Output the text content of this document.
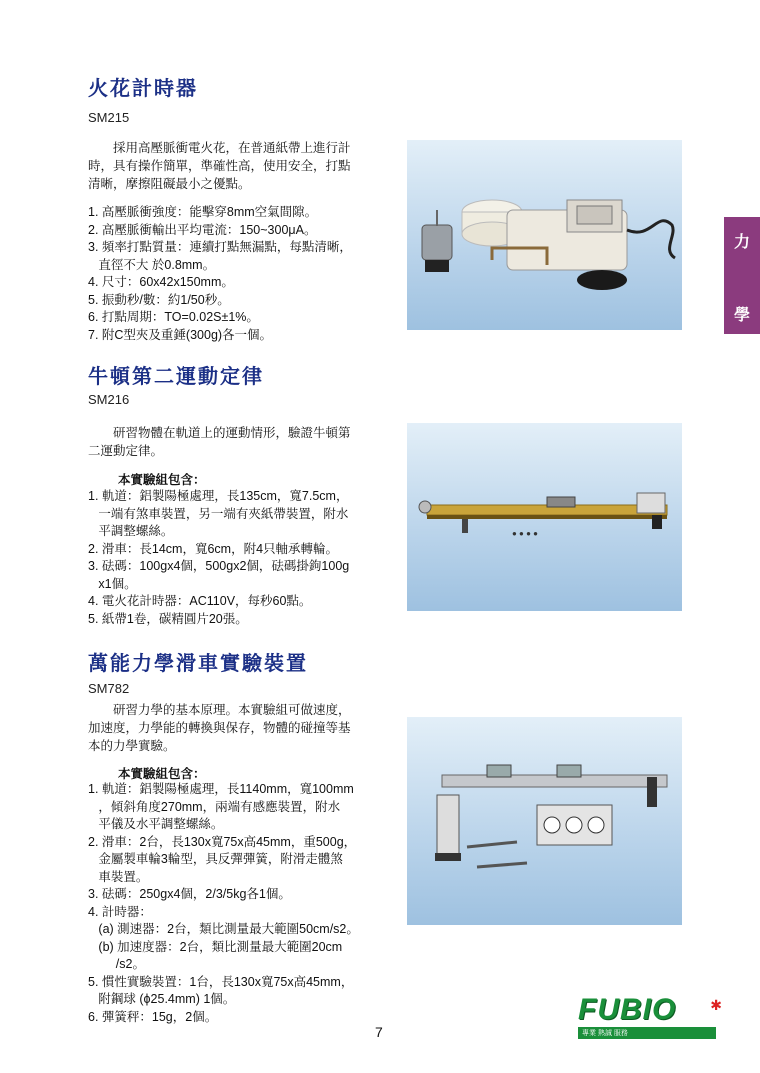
火花計時器
SM215
　　採用高壓脈衝電火花，在普通紙帶上進行計
時，具有操作簡單，準確性高，使用安全，打點
清晰，摩擦阻礙最小之優點。
1. 高壓脈衝強度：能擊穿8mm空氣間隙。
2. 高壓脈衝輸出平均電流：150~300μA。
3. 頻率打點質量：連續打點無漏點，每點清晰，
直徑不大 於0.8mm。
4. 尺寸：60x42x150mm。
5. 振動秒/數：約1/50秒。
6. 打點周期：TO=0.02S±1%。
7. 附C型夾及重錘(300g)各一個。
牛頓第二運動定律
SM216
　　研習物體在軌道上的運動情形，驗證牛頓第
二運動定律。
本實驗組包含：
1. 軌道：鋁製陽極處理，長135cm，寬7.5cm，
一端有煞車裝置，另一端有夾紙帶裝置，附水
平調整螺絲。
2. 滑車：長14cm，寬6cm，附4只軸承轉輪。
3. 砝碼：100gx4個，500gx2個，砝碼掛鉤100g
x1個。
4. 電火花計時器：AC110V，每秒60點。
5. 紙帶1卷，碳精圓片20張。
● ● ● ●
萬能力學滑車實驗裝置
SM782
　　研習力學的基本原理。本實驗組可做速度，
加速度，力學能的轉換與保存，物體的碰撞等基
本的力學實驗。
本實驗組包含：
1. 軌道：鋁製陽極處理，長1140mm，寬100mm
，傾斜角度270mm，兩端有感應裝置，附水
平儀及水平調整螺絲。
2. 滑車：2台，長130x寬75x高45mm，重500g，
金屬製車輪3輪型，具反彈彈簧，附滑走體煞
車裝置。
3. 砝碼：250gx4個，2/3/5kg各1個。
4. 計時器：
(a) 測速器：2台，類比測量最大範圍50cm/s2。
(b) 加速度器：2台，類比測量最大範圍20cm
/s2。
5. 慣性實驗裝置：1台，長130x寬75x高45mm，
附鋼球 (ϕ25.4mm) 1個。
6. 彈簧秤：15g，2個。
力
學
7
FUBIO	✱
專業 熱誠 服務
